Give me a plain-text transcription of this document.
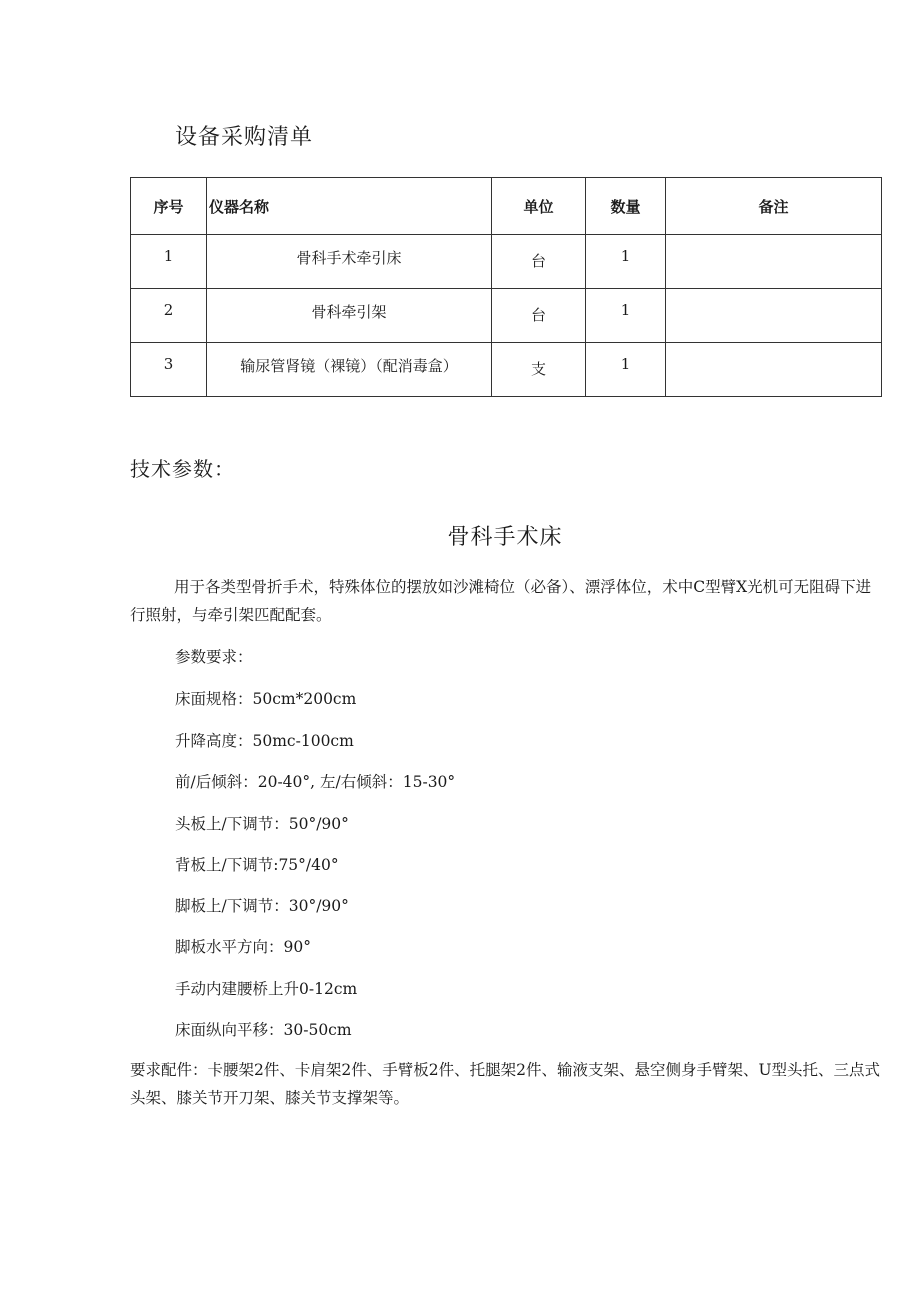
设备采购清单
序号	仪器名称	单位	数量	备注
1	骨科手术牵引床	台	1	
2	骨科牵引架	台	1	
3	输尿管肾镜（裸镜）（配消毒盒）	支	1	
技术参数：
骨科手术床

用于各类型骨折手术，特殊体位的摆放如沙滩椅位（必备）、漂浮体位，术中C型臂X光机可无阻碍下进行照射，与牵引架匹配配套。

参数要求：

床面规格：50cm*200cm

升降高度：50mc-100cm

前/后倾斜：20-40°, 左/右倾斜：15-30°

头板上/下调节：50°/90°

背板上/下调节:75°/40°

脚板上/下调节：30°/90°

脚板水平方向：90°

手动内建腰桥上升0-12cm

床面纵向平移：30-50cm

要求配件：卡腰架2件、卡肩架2件、手臂板2件、托腿架2件、输液支架、悬空侧身手臂架、U型头托、三点式头架、膝关节开刀架、膝关节支撑架等。
